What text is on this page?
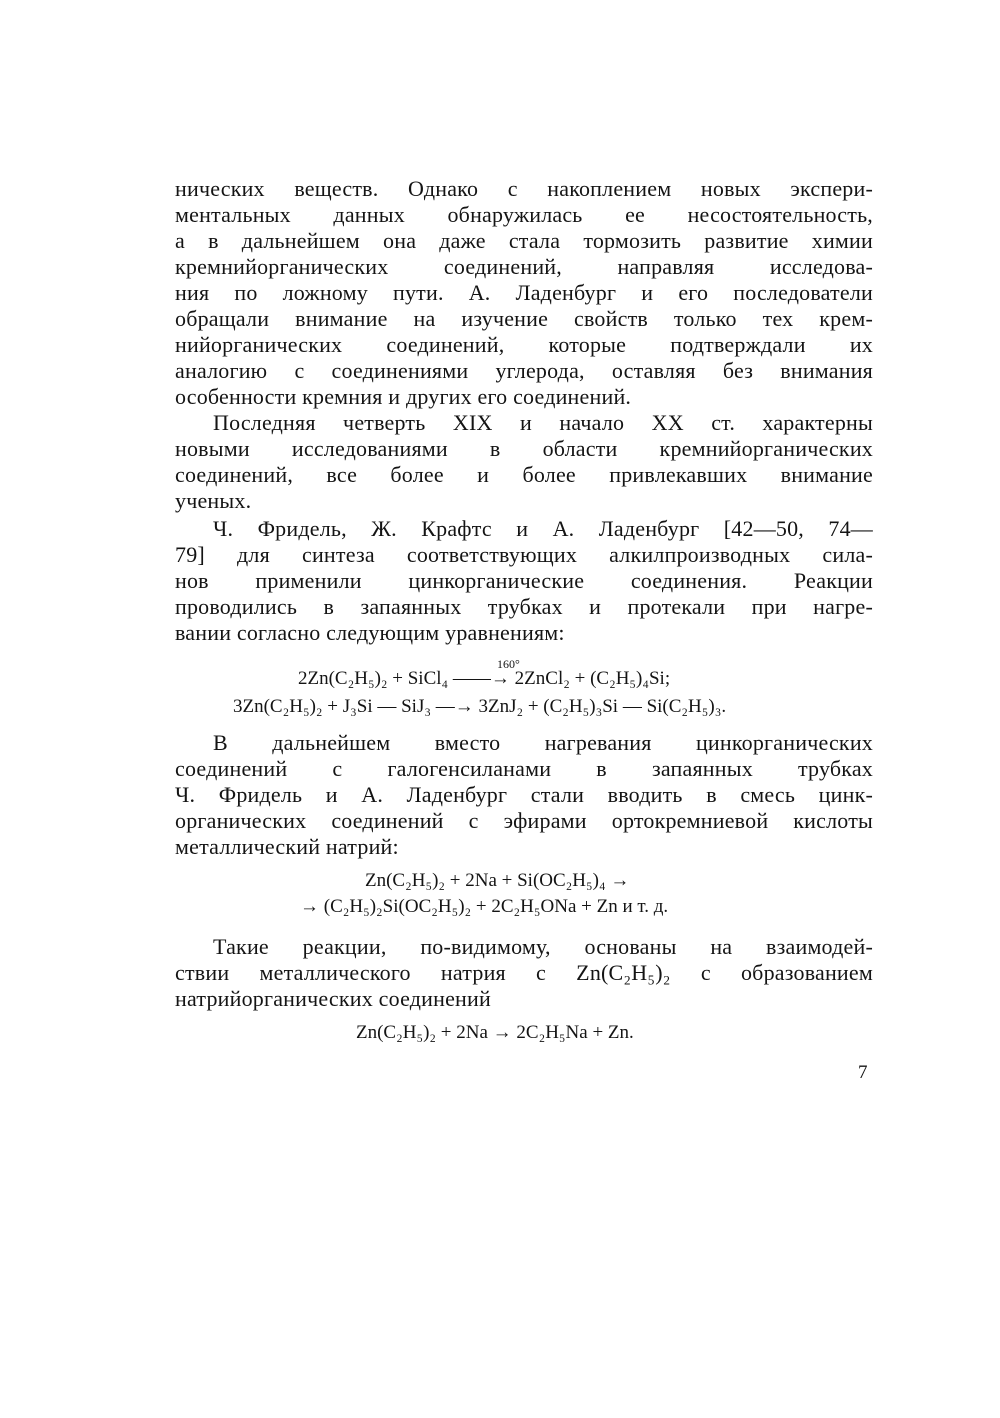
нических веществ. Однако с накоплением новых экспери-
ментальных данных обнаружилась ее несостоятельность,
а в дальнейшем она даже стала тормозить развитие химии
кремнийорганических соединений, направляя исследова-
ния по ложному пути. А. Ладенбург и его последователи
обращали внимание на изучение свойств только тех крем-
нийорганических соединений, которые подтверждали их
аналогию с соединениями углерода, оставляя без внимания
особенности кремния и других его соединений.
Последняя четверть XIX и начало XX ст. характерны
новыми исследованиями в области кремнийорганических
соединений, все более и более привлекавших внимание
ученых.
Ч. Фридель, Ж. Крафтс и А. Ладенбург [42—50, 74—
79] для синтеза соответствующих алкилпроизводных сила-
нов применили цинкорганические соединения. Реакции
проводились в запаянных трубках и протекали при нагре-
вании согласно следующим уравнениям:
160°
2Zn(C₂H₅)₂ + SiCl₄ ——→ 2ZnCl₂ + (C₂H₅)₄Si;
3Zn(C₂H₅)₂ + J₃Si — SiJ₃ —→ 3ZnJ₂ + (C₂H₅)₃Si — Si(C₂H₅)₃.
В дальнейшем вместо нагревания цинкорганических
соединений с галогенсиланами в запаянных трубках
Ч. Фридель и А. Ладенбург стали вводить в смесь цинк-
органических соединений с эфирами ортокремниевой кислоты
металлический натрий:
Zn(C₂H₅)₂ + 2Na + Si(OC₂H₅)₄ →
→ (C₂H₅)₂Si(OC₂H₅)₂ + 2C₂H₅ONa + Zn и т. д.
Такие реакции, по-видимому, основаны на взаимодей-
ствии металлического натрия с Zn(C₂H₅)₂ с образованием
натрийорганических соединений
Zn(C₂H₅)₂ + 2Na → 2C₂H₅Na + Zn.
7
